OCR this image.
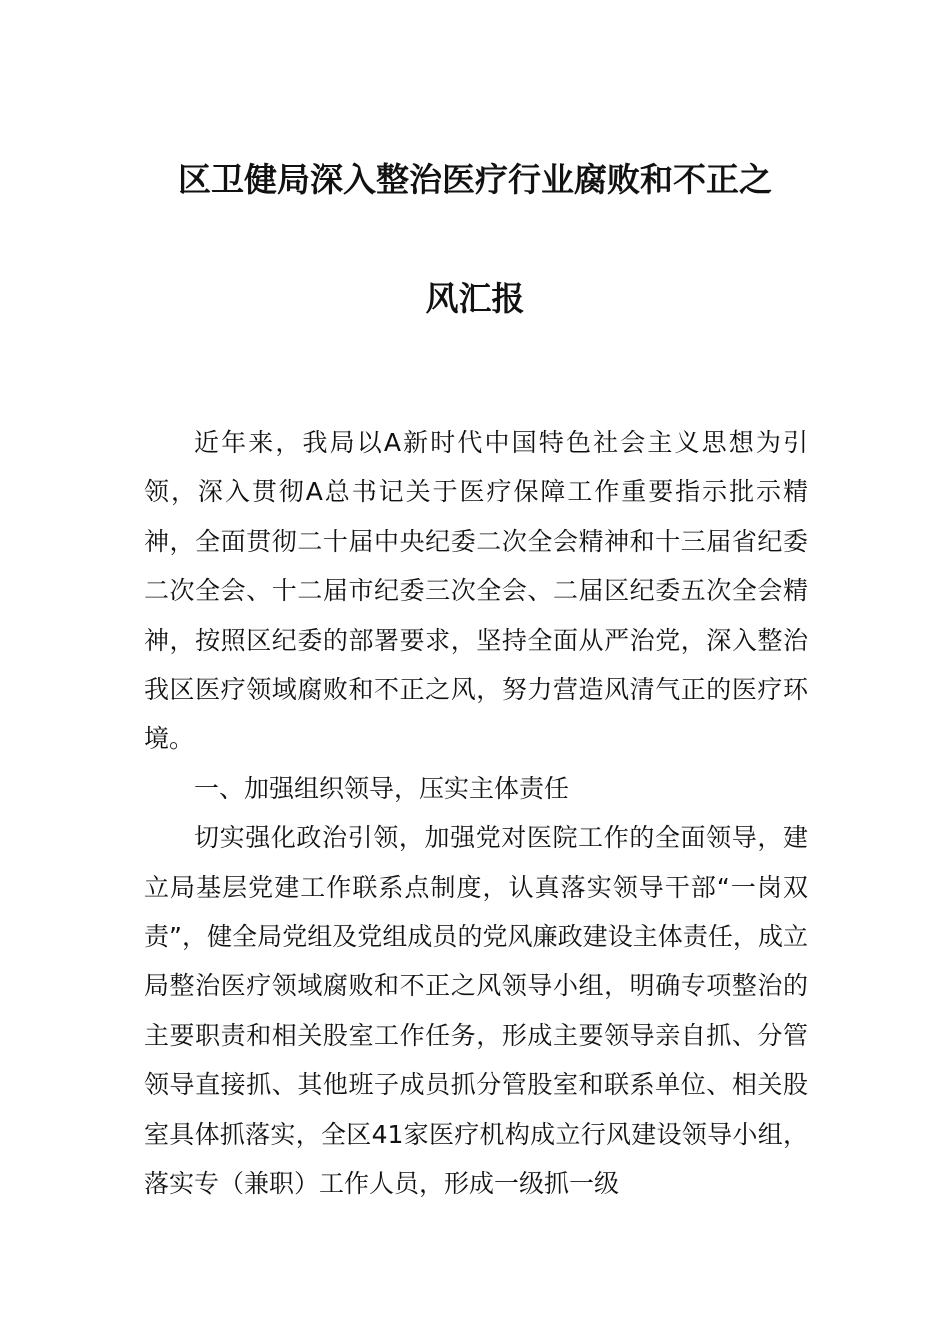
区卫健局深入整治医疗行业腐败和不正之
风汇报

近年来，我局以A新时代中国特色社会主义思想为引领，深入贯彻A总书记关于医疗保障工作重要指示批示精神，全面贯彻二十届中央纪委二次全会精神和十三届省纪委二次全会、十二届市纪委三次全会、二届区纪委五次全会精神，按照区纪委的部署要求，坚持全面从严治党，深入整治我区医疗领域腐败和不正之风，努力营造风清气正的医疗环境。

一、加强组织领导，压实主体责任

切实强化政治引领，加强党对医院工作的全面领导，建立局基层党建工作联系点制度，认真落实领导干部“一岗双责”，健全局党组及党组成员的党风廉政建设主体责任，成立局整治医疗领域腐败和不正之风领导小组，明确专项整治的主要职责和相关股室工作任务，形成主要领导亲自抓、分管领导直接抓、其他班子成员抓分管股室和联系单位、相关股室具体抓落实，全区41家医疗机构成立行风建设领导小组，落实专（兼职）工作人员，形成一级抓一级
